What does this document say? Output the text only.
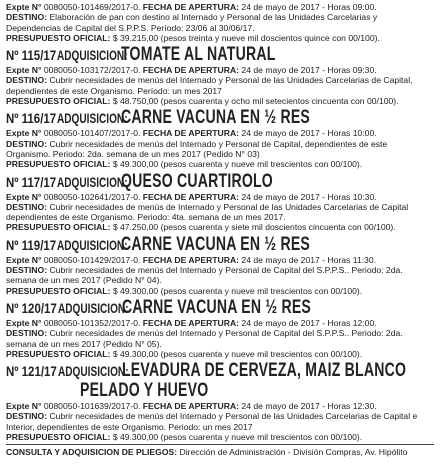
Expte N° 0080050-101469/2017-0. FECHA DE APERTURA: 24 de mayo de 2017 - Horas 09:00.
DESTINO: Elaboración de pan con destino al Internado y Personal de las Unidades Carcelarias y Dependencias de Capital del S.P.P.S. Período: 23/06 al 30/06/17.
PRESUPUESTO OFICIAL: $ 39.215,00 (pesos treinta y nueve mil doscientos quince con 00/100).
Nº 115/17 ADQUISICION:
TOMATE AL NATURAL
Expte N° 0080050-103172/2017-0. FECHA DE APERTURA: 24 de mayo de 2017 - Horas 09:30.
DESTINO: Cubrir necesidades de menús del Internado y Personal de las Unidades Carcelarias de Capital, dependientes de este Organismo. Período: un mes 2017
PRESUPUESTO OFICIAL: $ 48.750,00 (pesos cuarenta y ocho mil setecientos cincuenta con 00/100).
Nº 116/17 ADQUISICION:
CARNE VACUNA EN ½ RES
Expte N° 0080050-101407/2017-0. FECHA DE APERTURA: 24 de mayo de 2017 - Horas 10:00.
DESTINO: Cubrir necesidades de menús del Internado y Personal de Capital, dependientes de este Organismo. Periodo: 2da. semana de un mes 2017 (Pedido N° 03)
PRESUPUESTO OFICIAL: $ 49.300,00 (pesos cuarenta y nueve mil trescientos con 00/100).
Nº 117/17 ADQUISICION:
QUESO CUARTIROLO
Expte N° 0080050-102641/2017-0. FECHA DE APERTURA: 24 de mayo de 2017 - Horas 10:30.
DESTINO: Cubrir necesidades de menús de Internado y Personal de las Unidades Carcelarias de Capital dependientes de este Organismo. Periodo: 4ta. semana de un mes 2017.
PRESUPUESTO OFICIAL: $ 47.250,00 (pesos cuarenta y siete mil doscientos cincuenta con 00/100).
Nº 119/17 ADQUISICION:
CARNE VACUNA EN ½ RES
Expte N° 0080050-101429/2017-0. FECHA DE APERTURA: 24 de mayo de 2017 - Horas 11:30.
DESTINO: Cubrir necesidades de menús del Internado y Personal de Capital del S.P.P.S.. Periodo: 2da. semana de un mes 2017 (Pedido N° 04).
PRESUPUESTO OFICIAL: $ 49.300,00 (pesos cuarenta y nueve mil trescientos con 00/100).
Nº 120/17 ADQUISICION:
CARNE VACUNA EN ½ RES
Expte N° 0080050-101352/2017-0. FECHA DE APERTURA: 24 de mayo de 2017 - Horas 12:00.
DESTINO: Cubrir necesidades de menús del Internado y Personal de Capital del S.P.P.S.. Periodo: 2da. semana de un mes 2017 (Pedido N° 05).
PRESUPUESTO OFICIAL: $ 49.300,00 (pesos cuarenta y nueve mil trescientos con 00/100).
Nº 121/17 ADQUISICION:
LEVADURA DE CERVEZA, MAIZ BLANCO
PELADO Y HUEVO
Expte N° 0080050-101639/2017-0. FECHA DE APERTURA: 24 de mayo de 2017 - Horas 12:30.
DESTINO: Cubrir necesidades de menús del Internado y Personal de las Unidades Carcelarias de Capital e Interior, dependientes de este Organismo. Periodo: un mes 2017
PRESUPUESTO OFICIAL: $ 49.300,00 (pesos cuarenta y nueve mil trescientos con 00/100).
CONSULTA Y ADQUISICION DE PLIEGOS: Dirección de Administración - División Compras, Av. Hipólito
